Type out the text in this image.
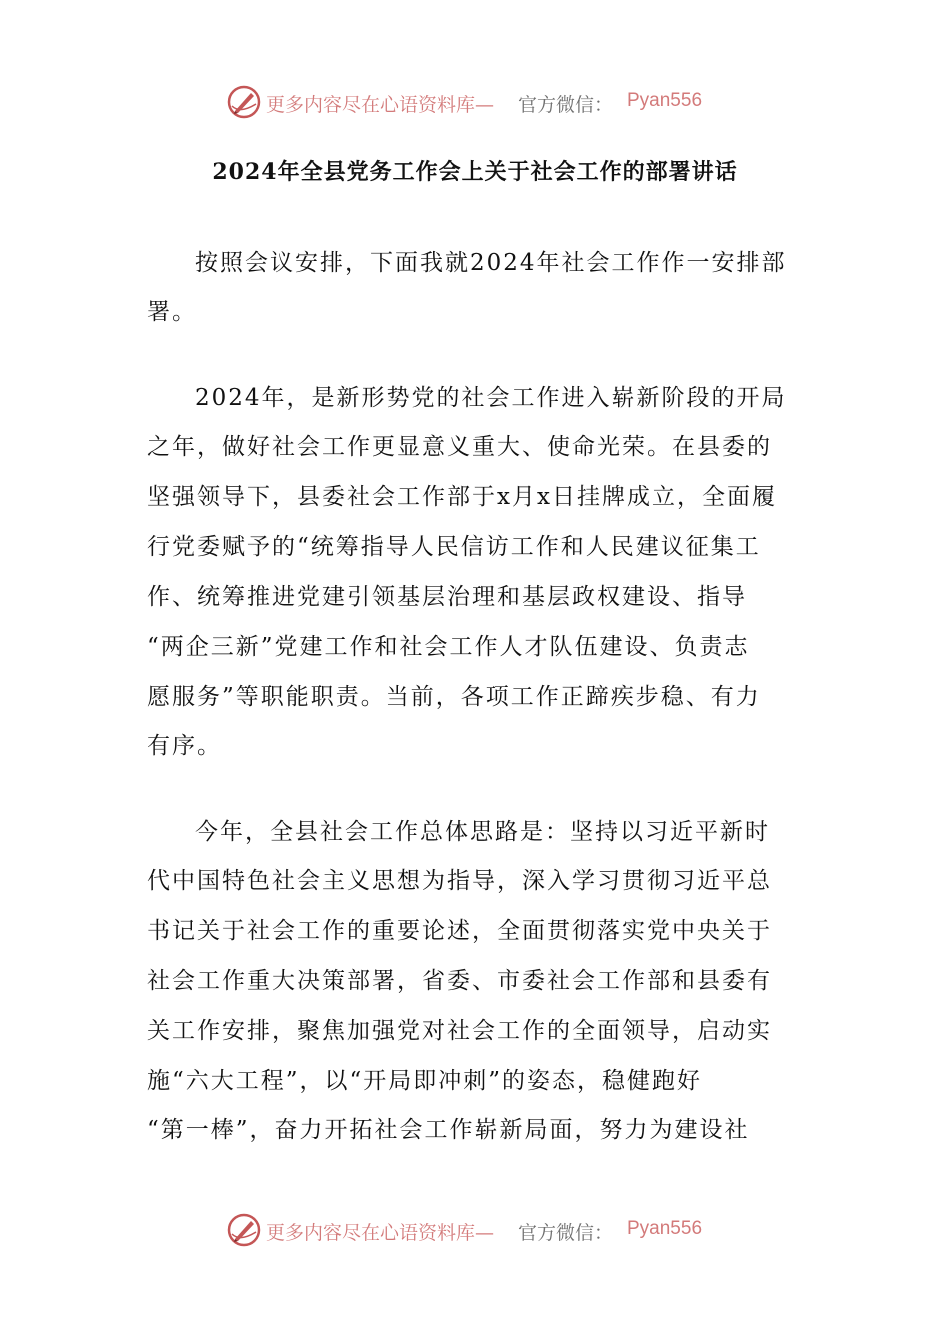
更多内容尽在心语资料库— 官方微信： Pyan556
2024年全县党务工作会上关于社会工作的部署讲话
按照会议安排，下面我就2024年社会工作作一安排部
署。
2024年，是新形势党的社会工作进入崭新阶段的开局
之年，做好社会工作更显意义重大、使命光荣。在县委的
坚强领导下，县委社会工作部于x月x日挂牌成立，全面履
行党委赋予的“统筹指导人民信访工作和人民建议征集工
作、统筹推进党建引领基层治理和基层政权建设、指导
“两企三新”党建工作和社会工作人才队伍建设、负责志
愿服务”等职能职责。当前，各项工作正蹄疾步稳、有力
有序。
今年，全县社会工作总体思路是：坚持以习近平新时
代中国特色社会主义思想为指导，深入学习贯彻习近平总
书记关于社会工作的重要论述，全面贯彻落实党中央关于
社会工作重大决策部署，省委、市委社会工作部和县委有
关工作安排，聚焦加强党对社会工作的全面领导，启动实
施“六大工程”，以“开局即冲刺”的姿态，稳健跑好
“第一棒”，奋力开拓社会工作崭新局面，努力为建设社
更多内容尽在心语资料库— 官方微信： Pyan556
